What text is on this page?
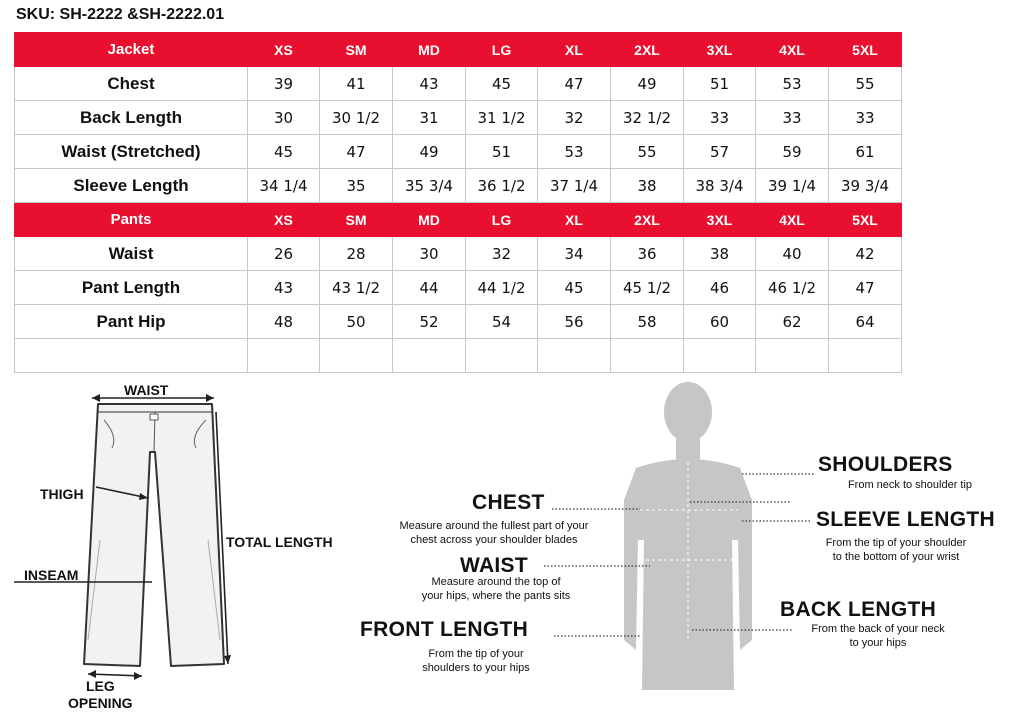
SKU: SH-2222 &SH-2222.01
Jacket	XS	SM	MD	LG	XL	2XL	3XL	4XL	5XL
Chest	39	41	43	45	47	49	51	53	55
Back Length	30	30 1/2	31	31 1/2	32	32 1/2	33	33	33
Waist (Stretched)	45	47	49	51	53	55	57	59	61
Sleeve Length	34 1/4	35	35 3/4	36 1/2	37 1/4	38	38 3/4	39 1/4	39 3/4
Pants	XS	SM	MD	LG	XL	2XL	3XL	4XL	5XL
Waist	26	28	30	32	34	36	38	40	42
Pant Length	43	43 1/2	44	44 1/2	45	45 1/2	46	46 1/2	47
Pant Hip	48	50	52	54	56	58	60	62	64

WAIST
THIGH
INSEAM
TOTAL LENGTH
LEG
OPENING
CHEST
Measure around the fullest part of your
chest across your shoulder blades
WAIST
Measure around the top of
your hips, where the pants sits
FRONT LENGTH
From the tip of your
shoulders to your hips
SHOULDERS
From neck to shoulder tip
SLEEVE LENGTH
From the tip of your shoulder
to the bottom of your wrist
BACK LENGTH
From the back of your neck
to your hips
